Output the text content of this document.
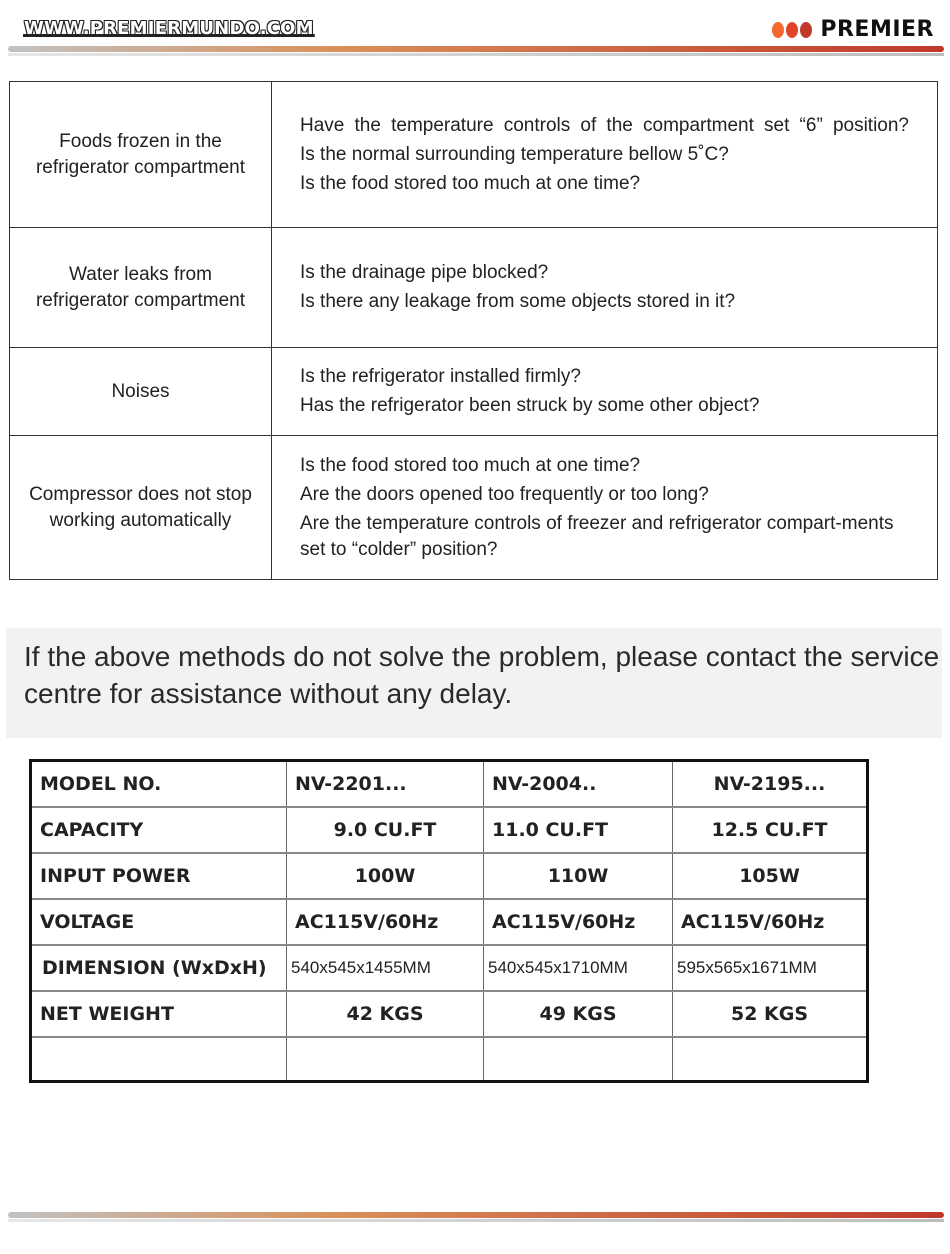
WWW.PREMIERMUNDO.COM	PREMIER
Foods frozen in the refrigerator compartment	Have the temperature controls of the compartment set “6” position?
Is the normal surrounding temperature bellow 5˚C?
Is the food stored too much at one time?

Water leaks from refrigerator compartment	Is the drainage pipe blocked?
Is there any leakage from some objects stored in it?

Noises	Is the refrigerator installed firmly?
Has the refrigerator been struck by some other object?

Compressor does not stop working automatically	Is the food stored too much at one time?
Are the doors opened too frequently or too long?
Are the temperature controls of freezer and refrigerator compart-ments set to “colder” position?
If the above methods do not solve the problem, please contact the service centre for assistance without any delay.
MODEL NO.	NV-2201...	NV-2004..	NV-2195...
CAPACITY	9.0 CU.FT	11.0 CU.FT	12.5 CU.FT
INPUT POWER	100W	110W	105W
VOLTAGE	AC115V/60Hz	AC115V/60Hz	AC115V/60Hz
DIMENSION (WxDxH)	540x545x1455MM	540x545x1710MM	595x565x1671MM
NET WEIGHT	42 KGS	49 KGS	52 KGS
